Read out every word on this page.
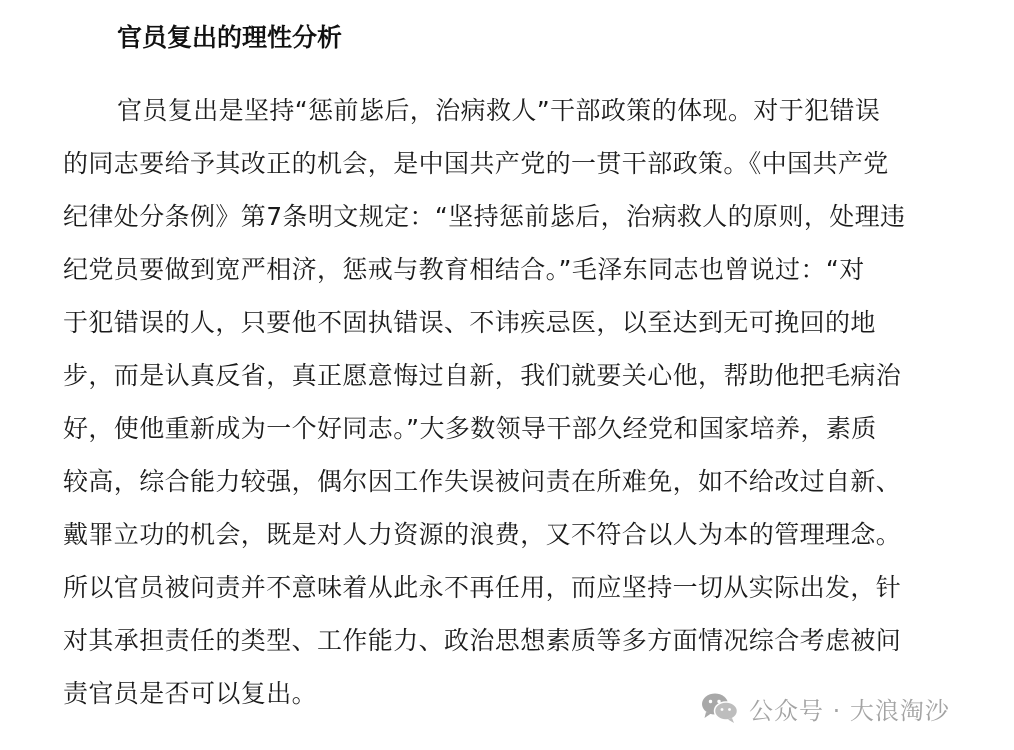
官员复出的理性分析
官员复出是坚持“惩前毖后，治病救人”干部政策的体现。对于犯错误
的同志要给予其改正的机会，是中国共产党的一贯干部政策。《中国共产党
纪律处分条例》第7条明文规定：“坚持惩前毖后，治病救人的原则，处理违
纪党员要做到宽严相济，惩戒与教育相结合。”毛泽东同志也曾说过：“对
于犯错误的人，只要他不固执错误、不讳疾忌医，以至达到无可挽回的地
步，而是认真反省，真正愿意悔过自新，我们就要关心他，帮助他把毛病治
好，使他重新成为一个好同志。”大多数领导干部久经党和国家培养，素质
较高，综合能力较强，偶尔因工作失误被问责在所难免，如不给改过自新、
戴罪立功的机会，既是对人力资源的浪费，又不符合以人为本的管理理念。
所以官员被问责并不意味着从此永不再任用，而应坚持一切从实际出发，针
对其承担责任的类型、工作能力、政治思想素质等多方面情况综合考虑被问
责官员是否可以复出。
公众号 · 大浪淘沙
